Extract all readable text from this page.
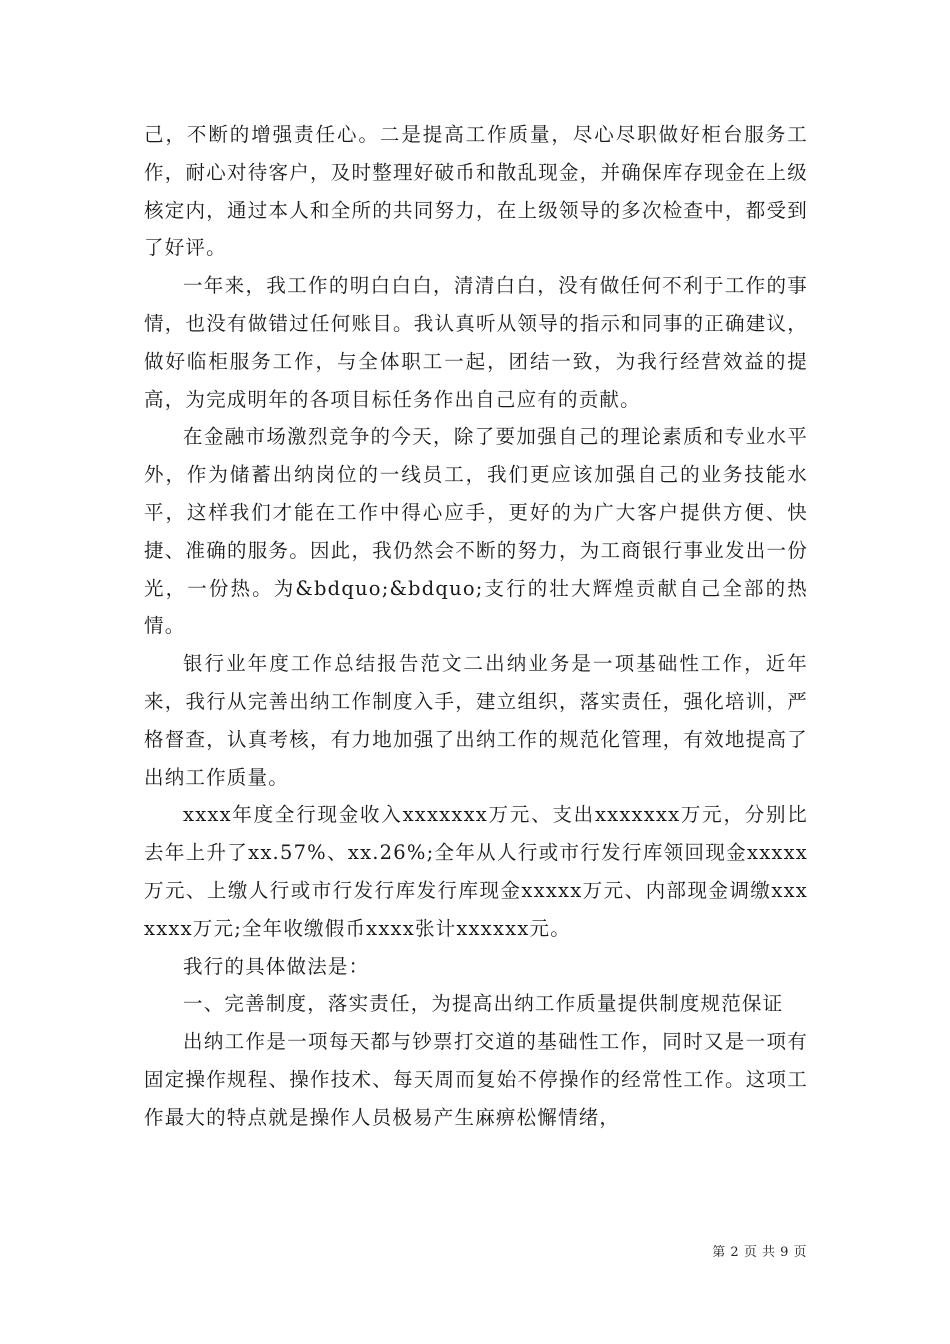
己，不断的增强责任心。二是提高工作质量，尽心尽职做好柜台服务工作，耐心对待客户，及时整理好破币和散乱现金，并确保库存现金在上级核定内，通过本人和全所的共同努力，在上级领导的多次检查中，都受到了好评。

一年来，我工作的明白白白，清清白白，没有做任何不利于工作的事情，也没有做错过任何账目。我认真听从领导的指示和同事的正确建议，做好临柜服务工作，与全体职工一起，团结一致，为我行经营效益的提高，为完成明年的各项目标任务作出自己应有的贡献。

在金融市场激烈竞争的今天，除了要加强自己的理论素质和专业水平外，作为储蓄出纳岗位的一线员工，我们更应该加强自己的业务技能水平，这样我们才能在工作中得心应手，更好的为广大客户提供方便、快捷、准确的服务。因此，我仍然会不断的努力，为工商银行事业发出一份光，一份热。为&bdquo;&bdquo;支行的壮大辉煌贡献自己全部的热情。

银行业年度工作总结报告范文二出纳业务是一项基础性工作，近年来，我行从完善出纳工作制度入手，建立组织，落实责任，强化培训，严格督查，认真考核，有力地加强了出纳工作的规范化管理，有效地提高了出纳工作质量。

xxxx年度全行现金收入xxxxxxx万元、支出xxxxxxx万元，分别比去年上升了xx.57%、xx.26%;全年从人行或市行发行库领回现金xxxxx万元、上缴人行或市行发行库发行库现金xxxxx万元、内部现金调缴xxxxxxx万元;全年收缴假币xxxx张计xxxxxx元。

我行的具体做法是：

一、完善制度，落实责任，为提高出纳工作质量提供制度规范保证

出纳工作是一项每天都与钞票打交道的基础性工作，同时又是一项有固定操作规程、操作技术、每天周而复始不停操作的经常性工作。这项工作最大的特点就是操作人员极易产生麻痹松懈情绪，

第 2 页 共 9 页
